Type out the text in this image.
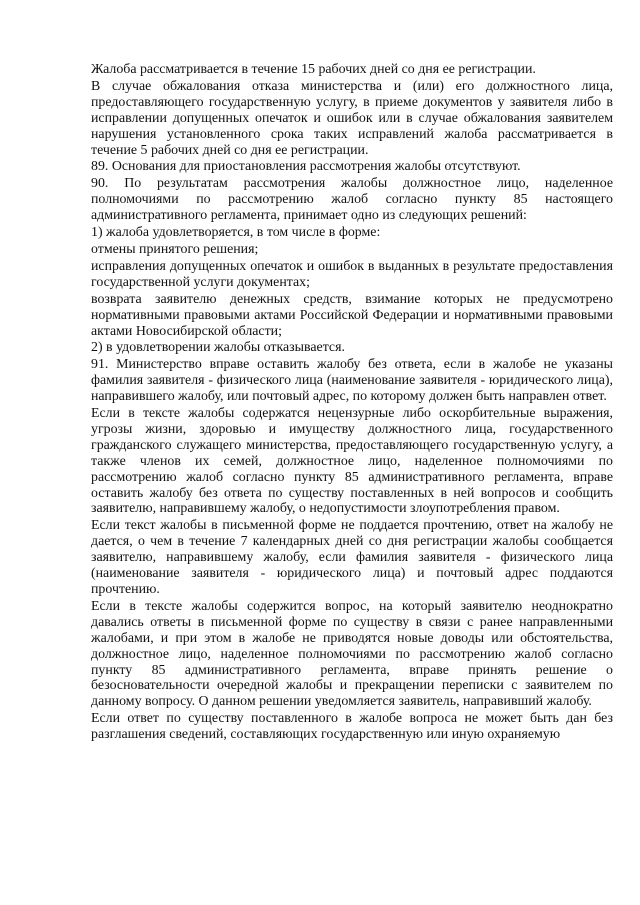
Жалоба рассматривается в течение 15 рабочих дней со дня ее регистрации.

В случае обжалования отказа министерства и (или) его должностного лица, предоставляющего государственную услугу, в приеме документов у заявителя либо в исправлении допущенных опечаток и ошибок или в случае обжалования заявителем нарушения установленного срока таких исправлений жалоба рассматривается в течение 5 рабочих дней со дня ее регистрации.

89. Основания для приостановления рассмотрения жалобы отсутствуют.

90. По результатам рассмотрения жалобы должностное лицо, наделенное полномочиями по рассмотрению жалоб согласно пункту 85 настоящего административного регламента, принимает одно из следующих решений:

1) жалоба удовлетворяется, в том числе в форме:

отмены принятого решения;

исправления допущенных опечаток и ошибок в выданных в результате предоставления государственной услуги документах;

возврата заявителю денежных средств, взимание которых не предусмотрено нормативными правовыми актами Российской Федерации и нормативными правовыми актами Новосибирской области;

2) в удовлетворении жалобы отказывается.

91. Министерство вправе оставить жалобу без ответа, если в жалобе не указаны фамилия заявителя - физического лица (наименование заявителя - юридического лица), направившего жалобу, или почтовый адрес, по которому должен быть направлен ответ.

Если в тексте жалобы содержатся нецензурные либо оскорбительные выражения, угрозы жизни, здоровью и имуществу должностного лица, государственного гражданского служащего министерства, предоставляющего государственную услугу, а также членов их семей, должностное лицо, наделенное полномочиями по рассмотрению жалоб согласно пункту 85 административного регламента, вправе оставить жалобу без ответа по существу поставленных в ней вопросов и сообщить заявителю, направившему жалобу, о недопустимости злоупотребления правом.

Если текст жалобы в письменной форме не поддается прочтению, ответ на жалобу не дается, о чем в течение 7 календарных дней со дня регистрации жалобы сообщается заявителю, направившему жалобу, если фамилия заявителя - физического лица (наименование заявителя - юридического лица) и почтовый адрес поддаются прочтению.

Если в тексте жалобы содержится вопрос, на который заявителю неоднократно давались ответы в письменной форме по существу в связи с ранее направленными жалобами, и при этом в жалобе не приводятся новые доводы или обстоятельства, должностное лицо, наделенное полномочиями по рассмотрению жалоб согласно пункту 85 административного регламента, вправе принять решение о безосновательности очередной жалобы и прекращении переписки с заявителем по данному вопросу. О данном решении уведомляется заявитель, направивший жалобу.

Если ответ по существу поставленного в жалобе вопроса не может быть дан без разглашения сведений, составляющих государственную или иную охраняемую
